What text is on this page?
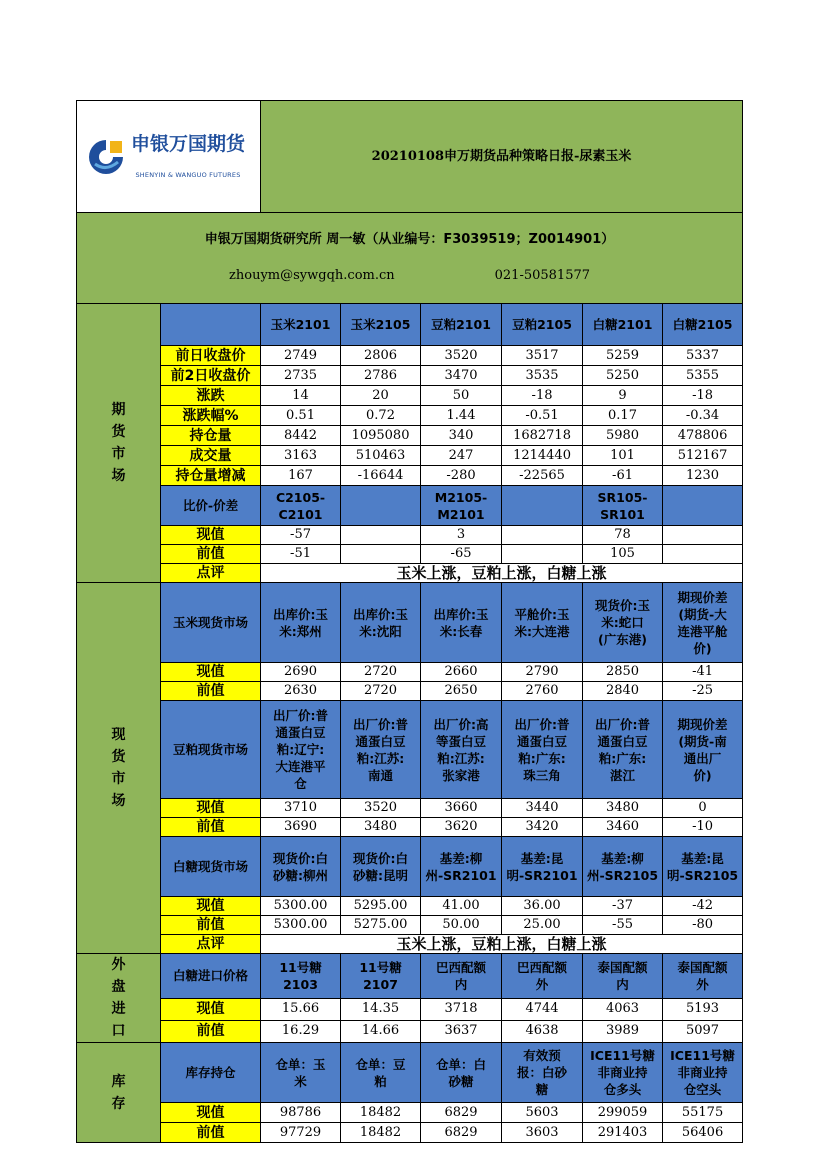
申银万国期货

SHENYIN & WANGUO FUTURES		20210108申万期货品种策略日报-尿素玉米					

申银万国期货研究所 周一敏（从业编号：F3039519；Z0014901）

zhouym@sywgqh.com.cn 021-50581577							

期
货
市
场		玉米2101	玉米2105	豆粕2101	豆粕2105	白糖2101	白糖2105
	前日收盘价	2749	2806	3520	3517	5259	5337
	前2日收盘价	2735	2786	3470	3535	5250	5355
	涨跌	14	20	50	-18	9	-18
	涨跌幅%	0.51	0.72	1.44	-0.51	0.17	-0.34
	持仓量	8442	1095080	340	1682718	5980	478806
	成交量	3163	510463	247	1214440	101	512167
	持仓量增减	167	-16644	-280	-22565	-61	1230
	比价-价差	C2105-
C2101		M2105-
M2101		SR105-
SR101	
	现值	-57		3		78	
	前值	-51		-65		105	
	点评	玉米上涨，豆粕上涨，白糖上涨					
现
货
市
场	玉米现货市场	出库价:玉
米:郑州	出库价:玉
米:沈阳	出库价:玉
米:长春	平舱价:玉
米:大连港	现货价:玉
米:蛇口
(广东港)	期现价差
(期货-大
连港平舱
价)
	现值	2690	2720	2660	2790	2850	-41
	前值	2630	2720	2650	2760	2840	-25
	豆粕现货市场	出厂价:普
通蛋白豆
粕:辽宁:
大连港平
仓	出厂价:普
通蛋白豆
粕:江苏:
南通	出厂价:高
等蛋白豆
粕:江苏:
张家港	出厂价:普
通蛋白豆
粕:广东:
珠三角	出厂价:普
通蛋白豆
粕:广东:
湛江	期现价差
(期货-南
通出厂
价)
	现值	3710	3520	3660	3440	3480	0
	前值	3690	3480	3620	3420	3460	-10
	白糖现货市场	现货价:白
砂糖:柳州	现货价:白
砂糖:昆明	基差:柳
州-SR2101	基差:昆
明-SR2101	基差:柳
州-SR2105	基差:昆
明-SR2105
	现值	5300.00	5295.00	41.00	36.00	-37	-42
	前值	5300.00	5275.00	50.00	25.00	-55	-80
	点评	玉米上涨，豆粕上涨，白糖上涨					
外
盘
进
口	白糖进口价格	11号糖
2103	11号糖
2107	巴西配额
内	巴西配额
外	泰国配额
内	泰国配额
外
	现值	15.66	14.35	3718	4744	4063	5193
	前值	16.29	14.66	3637	4638	3989	5097
库
存	库存持仓	仓单：玉
米	仓单：豆
粕	仓单：白
砂糖	有效预
报：白砂
糖	ICE11号糖
非商业持
仓多头	ICE11号糖
非商业持
仓空头
	现值	98786	18482	6829	5603	299059	55175
	前值	97729	18482	6829	3603	291403	56406
